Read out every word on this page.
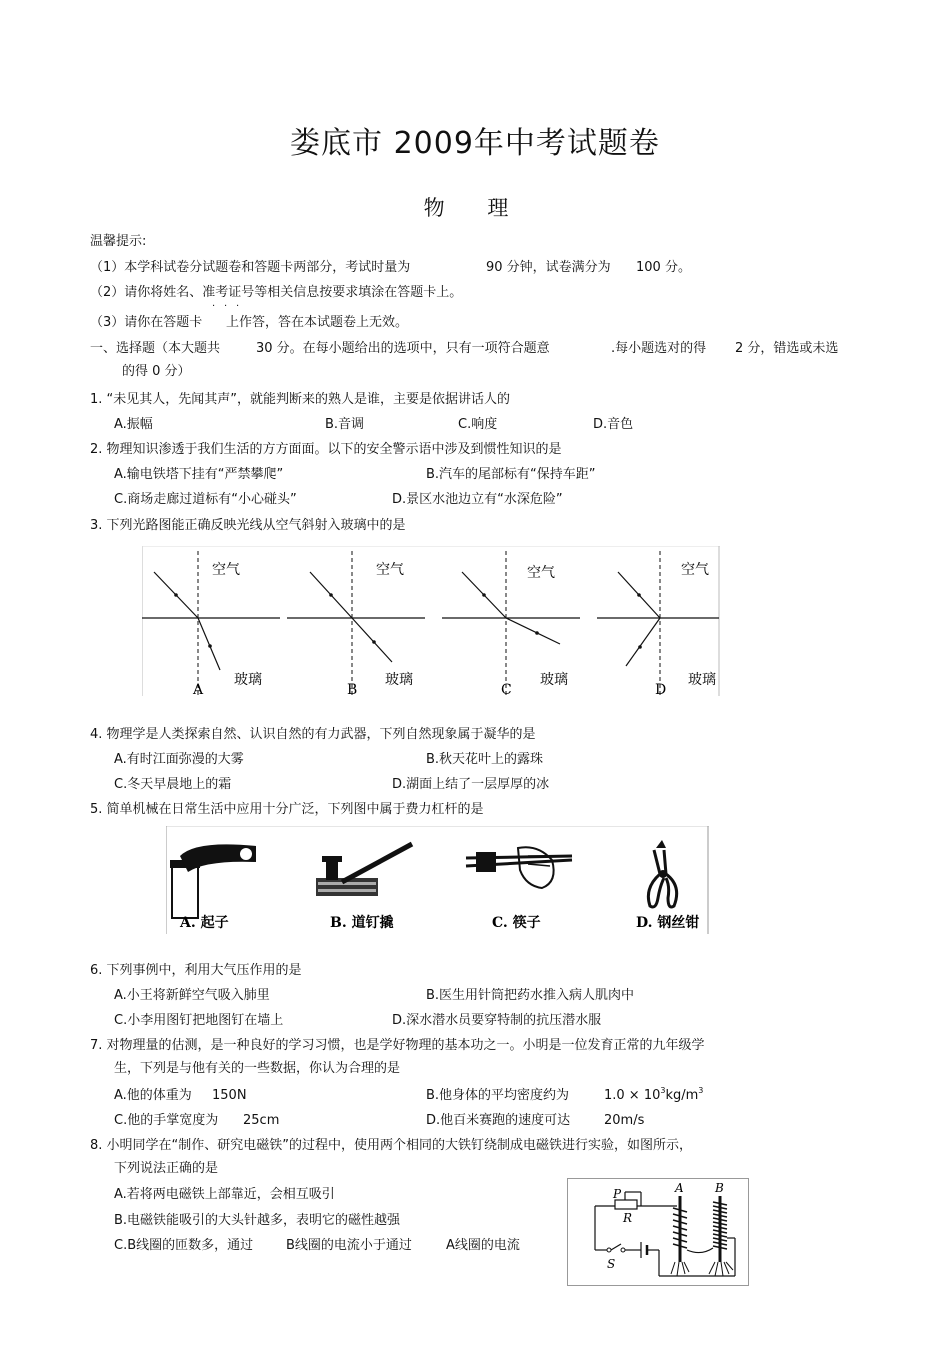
娄底市 2009年中考试题卷
物 理
温馨提示:
（1）本学科试卷分试题卷和答题卡两部分，考试时量为	90 分钟，试卷满分为 100 分。
（2）请你将姓名、准考证号等相关信息按要求填涂在答题卡上。
· · ·
（3）请你在答题卡 上作答，答在本试题卷上无效。
一、选择题（本大题共	30 分。在每小题给出的选项中，只有一项符合题意	.每小题选对的得 2 分，错选或未选
的得 0 分）
1. “未见其人，先闻其声”，就能判断来的熟人是谁，主要是依据讲话人的
A.振幅	B.音调	C.响度	D.音色
2. 物理知识渗透于我们生活的方方面面。以下的安全警示语中涉及到惯性知识的是
A.输电铁塔下挂有“严禁攀爬”	B.汽车的尾部标有“保持车距”
C.商场走廊过道标有“小心碰头”	D.景区水池边立有“水深危险”
3. 下列光路图能正确反映光线从空气斜射入玻璃中的是
空气
玻璃
A
空气
玻璃
B
空气
玻璃
C
空气
玻璃
D
4. 物理学是人类探索自然、认识自然的有力武器，下列自然现象属于凝华的是
A.有时江面弥漫的大雾	B.秋天花叶上的露珠
C.冬天早晨地上的霜	D.湖面上结了一层厚厚的冰
5. 简单机械在日常生活中应用十分广泛，下列图中属于费力杠杆的是
A. 起子	B. 道钉撬	C. 筷子	D. 钢丝钳
6. 下列事例中，利用大气压作用的是
A.小王将新鲜空气吸入肺里	B.医生用针筒把药水推入病人肌肉中
C.小李用图钉把地图钉在墙上	D.深水潜水员要穿特制的抗压潜水服
7. 对物理量的估测，是一种良好的学习习惯，也是学好物理的基本功之一。小明是一位发育正常的九年级学
生，下列是与他有关的一些数据，你认为合理的是
A.他的体重为 150N	B.他身体的平均密度约为	$1.0 \times 10^3kg/m^3$
C.他的手掌宽度为 25cm	D.他百米赛跑的速度可达	20m/s
8. 小明同学在“制作、研究电磁铁”的过程中，使用两个相同的大铁钉绕制成电磁铁进行实验，如图所示，
下列说法正确的是
A.若将两电磁铁上部靠近，会相互吸引
B.电磁铁能吸引的大头针越多，表明它的磁性越强
C.B线圈的匝数多，通过	B线圈的电流小于通过	A线圈的电流
P
R
S
A	B
